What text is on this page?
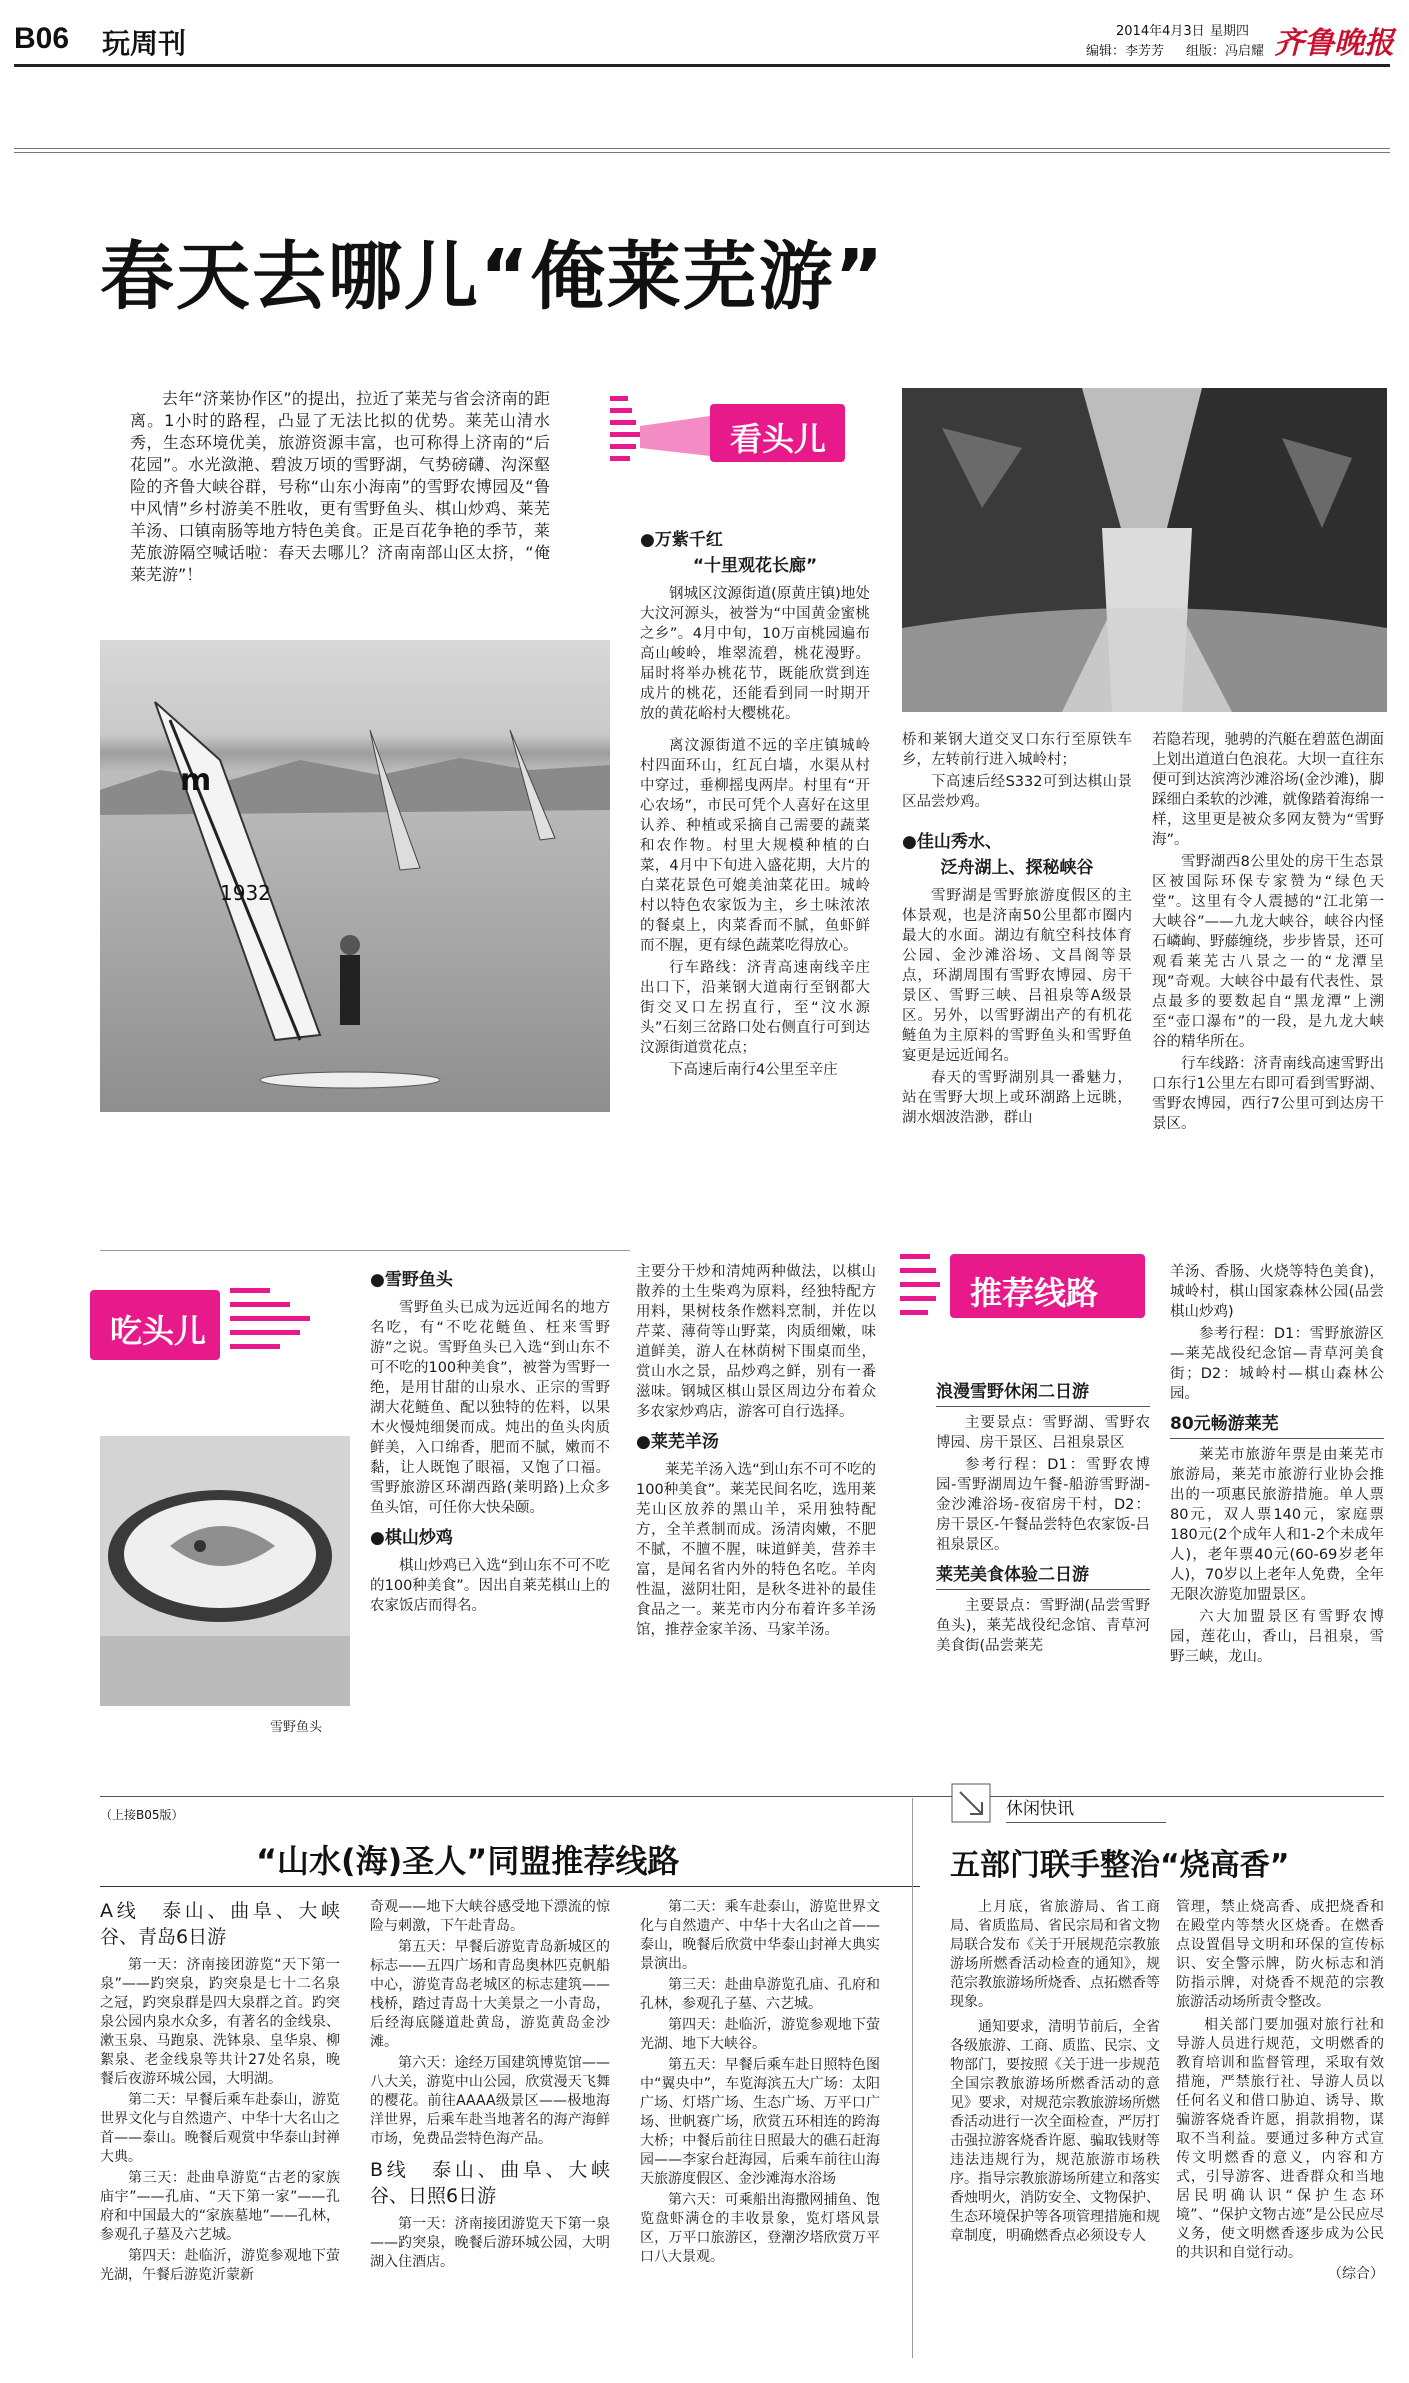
B06 玩周刊	2014年4月3日 星期四
编辑：李芳芳 组版：冯启耀 齐鲁晚报
春天去哪儿“俺莱芜游”

去年“济莱协作区”的提出，拉近了莱芜与省会济南的距离。1小时的路程，凸显了无法比拟的优势。莱芜山清水秀，生态环境优美，旅游资源丰富，也可称得上济南的“后花园”。水光潋滟、碧波万顷的雪野湖，气势磅礴、沟深壑险的齐鲁大峡谷群，号称“山东小海南”的雪野农博园及“鲁中风情”乡村游美不胜收，更有雪野鱼头、棋山炒鸡、莱芜羊汤、口镇南肠等地方特色美食。正是百花争艳的季节，莱芜旅游隔空喊话啦：春天去哪儿？济南南部山区太挤，“俺莱芜游”！

m
1932
看头儿
●万紫千红
“十里观花长廊”

钢城区汶源街道(原黄庄镇)地处大汶河源头，被誉为“中国黄金蜜桃之乡”。4月中旬，10万亩桃园遍布高山峻岭，堆翠流碧，桃花漫野。届时将举办桃花节，既能欣赏到连成片的桃花，还能看到同一时期开放的黄花峪村大樱桃花。

离汶源街道不远的辛庄镇城岭村四面环山，红瓦白墙，水渠从村中穿过，垂柳摇曳两岸。村里有“开心农场”，市民可凭个人喜好在这里认养、种植或采摘自己需要的蔬菜和农作物。村里大规模种植的白菜，4月中下旬进入盛花期，大片的白菜花景色可媲美油菜花田。城岭村以特色农家饭为主，乡土味浓浓的餐桌上，肉菜香而不腻，鱼虾鲜而不腥，更有绿色蔬菜吃得放心。

行车路线：济青高速南线辛庄出口下，沿莱钢大道南行至钢都大街交叉口左拐直行，至“汶水源头”石刻三岔路口处右侧直行可到达汶源街道赏花点；

下高速后南行4公里至辛庄

桥和莱钢大道交叉口东行至原铁车乡，左转前行进入城岭村；

下高速后经S332可到达棋山景区品尝炒鸡。

●佳山秀水、
泛舟湖上、探秘峡谷

雪野湖是雪野旅游度假区的主体景观，也是济南50公里都市圈内最大的水面。湖边有航空科技体育公园、金沙滩浴场、文昌阁等景点，环湖周围有雪野农博园、房干景区、雪野三峡、吕祖泉等A级景区。另外，以雪野湖出产的有机花鲢鱼为主原料的雪野鱼头和雪野鱼宴更是远近闻名。

春天的雪野湖别具一番魅力，站在雪野大坝上或环湖路上远眺，湖水烟波浩渺，群山

若隐若现，驰骋的汽艇在碧蓝色湖面上划出道道白色浪花。大坝一直往东便可到达滨湾沙滩浴场(金沙滩)，脚踩细白柔软的沙滩，就像踏着海绵一样，这里更是被众多网友赞为“雪野海”。

雪野湖西8公里处的房干生态景区被国际环保专家赞为“绿色天堂”。这里有令人震撼的“江北第一大峡谷”——九龙大峡谷，峡谷内怪石嶙峋、野藤缠绕，步步皆景，还可观看莱芜古八景之一的“龙潭呈现”奇观。大峡谷中最有代表性、景点最多的要数起自“黑龙潭”上溯至“壶口瀑布”的一段，是九龙大峡谷的精华所在。

行车线路：济青南线高速雪野出口东行1公里左右即可看到雪野湖、雪野农博园，西行7公里可到达房干景区。

吃头儿
●雪野鱼头

雪野鱼头已成为远近闻名的地方名吃，有“不吃花鲢鱼、枉来雪野游”之说。雪野鱼头已入选“到山东不可不吃的100种美食”，被誉为雪野一绝，是用甘甜的山泉水、正宗的雪野湖大花鲢鱼、配以独特的佐料，以果木火慢炖细煲而成。炖出的鱼头肉质鲜美，入口绵香，肥而不腻，嫩而不黏，让人既饱了眼福，又饱了口福。雪野旅游区环湖西路(莱明路)上众多鱼头馆，可任你大快朵颐。

●棋山炒鸡

棋山炒鸡已入选“到山东不可不吃的100种美食”。因出自莱芜棋山上的农家饭店而得名。

雪野鱼头

主要分干炒和清炖两种做法，以棋山散养的土生柴鸡为原料，经独特配方用料，果树枝条作燃料烹制，并佐以芹菜、薄荷等山野菜，肉质细嫩，味道鲜美，游人在林荫树下围桌而坐，赏山水之景，品炒鸡之鲜，别有一番滋味。钢城区棋山景区周边分布着众多农家炒鸡店，游客可自行选择。

●莱芜羊汤

莱芜羊汤入选“到山东不可不吃的100种美食”。莱芜民间名吃，选用莱芜山区放养的黑山羊，采用独特配方，全羊煮制而成。汤清肉嫩，不肥不腻，不膻不腥，味道鲜美，营养丰富，是闻名省内外的特色名吃。羊肉性温，滋阴壮阳，是秋冬进补的最佳食品之一。莱芜市内分布着许多羊汤馆，推荐金家羊汤、马家羊汤。

推荐线路
浪漫雪野休闲二日游

主要景点：雪野湖、雪野农博园、房干景区、吕祖泉景区

参考行程：D1：雪野农博园-雪野湖周边午餐-船游雪野湖-金沙滩浴场-夜宿房干村，D2：房干景区-午餐品尝特色农家饭-吕祖泉景区。

莱芜美食体验二日游

主要景点：雪野湖(品尝雪野鱼头)，莱芜战役纪念馆、青草河美食街(品尝莱芜

羊汤、香肠、火烧等特色美食)，城岭村，棋山国家森林公园(品尝棋山炒鸡)

参考行程：D1：雪野旅游区—莱芜战役纪念馆—青草河美食街；D2：城岭村—棋山森林公园。

80元畅游莱芜

莱芜市旅游年票是由莱芜市旅游局，莱芜市旅游行业协会推出的一项惠民旅游措施。单人票80元，双人票140元，家庭票180元(2个成年人和1-2个未成年人)，老年票40元(60-69岁老年人)，70岁以上老年人免费，全年无限次游览加盟景区。

六大加盟景区有雪野农博园，莲花山，香山，吕祖泉，雪野三峡，龙山。

（上接B05版）
“山水(海)圣人”同盟推荐线路
A线　泰山、曲阜、大峡谷、青岛6日游

第一天：济南接团游览“天下第一泉”——趵突泉，趵突泉是七十二名泉之冠，趵突泉群是四大泉群之首。趵突泉公园内泉水众多，有著名的金线泉、漱玉泉、马跑泉、洗钵泉、皇华泉、柳絮泉、老金线泉等共计27处名泉，晚餐后夜游环城公园，大明湖。

第二天：早餐后乘车赴泰山，游览世界文化与自然遗产、中华十大名山之首——泰山。晚餐后观赏中华泰山封禅大典。

第三天：赴曲阜游览“古老的家族庙宇”——孔庙、“天下第一家”——孔府和中国最大的“家族墓地”——孔林，参观孔子墓及六艺城。

第四天：赴临沂，游览参观地下萤光湖，午餐后游览沂蒙新

奇观——地下大峡谷感受地下漂流的惊险与刺激，下午赴青岛。

第五天：早餐后游览青岛新城区的标志——五四广场和青岛奥林匹克帆船中心，游览青岛老城区的标志建筑——栈桥，踏过青岛十大美景之一小青岛，后经海底隧道赴黄岛，游览黄岛金沙滩。

第六天：途经万国建筑博览馆——八大关，游览中山公园，欣赏漫天飞舞的樱花。前往AAAA级景区——极地海洋世界，后乘车赴当地著名的海产海鲜市场，免费品尝特色海产品。

B线　泰山、曲阜、大峡谷、日照6日游

第一天：济南接团游览天下第一泉——趵突泉，晚餐后游环城公园，大明湖入住酒店。

第二天：乘车赴泰山，游览世界文化与自然遗产、中华十大名山之首——泰山，晚餐后欣赏中华泰山封禅大典实景演出。

第三天：赴曲阜游览孔庙、孔府和孔林，参观孔子墓、六艺城。

第四天：赴临沂，游览参观地下萤光湖、地下大峡谷。

第五天：早餐后乘车赴日照特色图中“翼央中”，车览海滨五大广场：太阳广场、灯塔广场、生态广场、万平口广场、世帆赛广场，欣赏五环相连的跨海大桥；中餐后前往日照最大的礁石赶海园——李家台赶海园，后乘车前往山海天旅游度假区、金沙滩海水浴场

第六天：可乘船出海撒网捕鱼、饱览盘虾满仓的丰收景象，览灯塔风景区，万平口旅游区，登潮汐塔欣赏万平口八大景观。

休闲快讯
五部门联手整治“烧高香”

上月底，省旅游局、省工商局、省质监局、省民宗局和省文物局联合发布《关于开展规范宗教旅游场所燃香活动检查的通知》，规范宗教旅游场所烧香、点拓燃香等现象。

通知要求，清明节前后，全省各级旅游、工商、质监、民宗、文物部门，要按照《关于进一步规范全国宗教旅游场所燃香活动的意见》要求，对规范宗教旅游场所燃香活动进行一次全面检查，严厉打击强拉游客烧香许愿、骗取钱财等违法违规行为，规范旅游市场秩序。指导宗教旅游场所建立和落实香烛明火，消防安全、文物保护、生态环境保护等各项管理措施和规章制度，明确燃香点必须设专人

管理，禁止烧高香、成把烧香和在殿堂内等禁火区烧香。在燃香点设置倡导文明和环保的宣传标识、安全警示牌，防火标志和消防指示牌，对烧香不规范的宗教旅游活动场所责令整改。

相关部门要加强对旅行社和导游人员进行规范，文明燃香的教育培训和监督管理，采取有效措施，严禁旅行社、导游人员以任何名义和借口胁迫、诱导、欺骗游客烧香许愿，捐款捐物，谋取不当利益。要通过多种方式宣传文明燃香的意义，内容和方式，引导游客、进香群众和当地居民明确认识“保护生态环境”、“保护文物古迹”是公民应尽义务，使文明燃香逐步成为公民的共识和自觉行动。

（综合）
